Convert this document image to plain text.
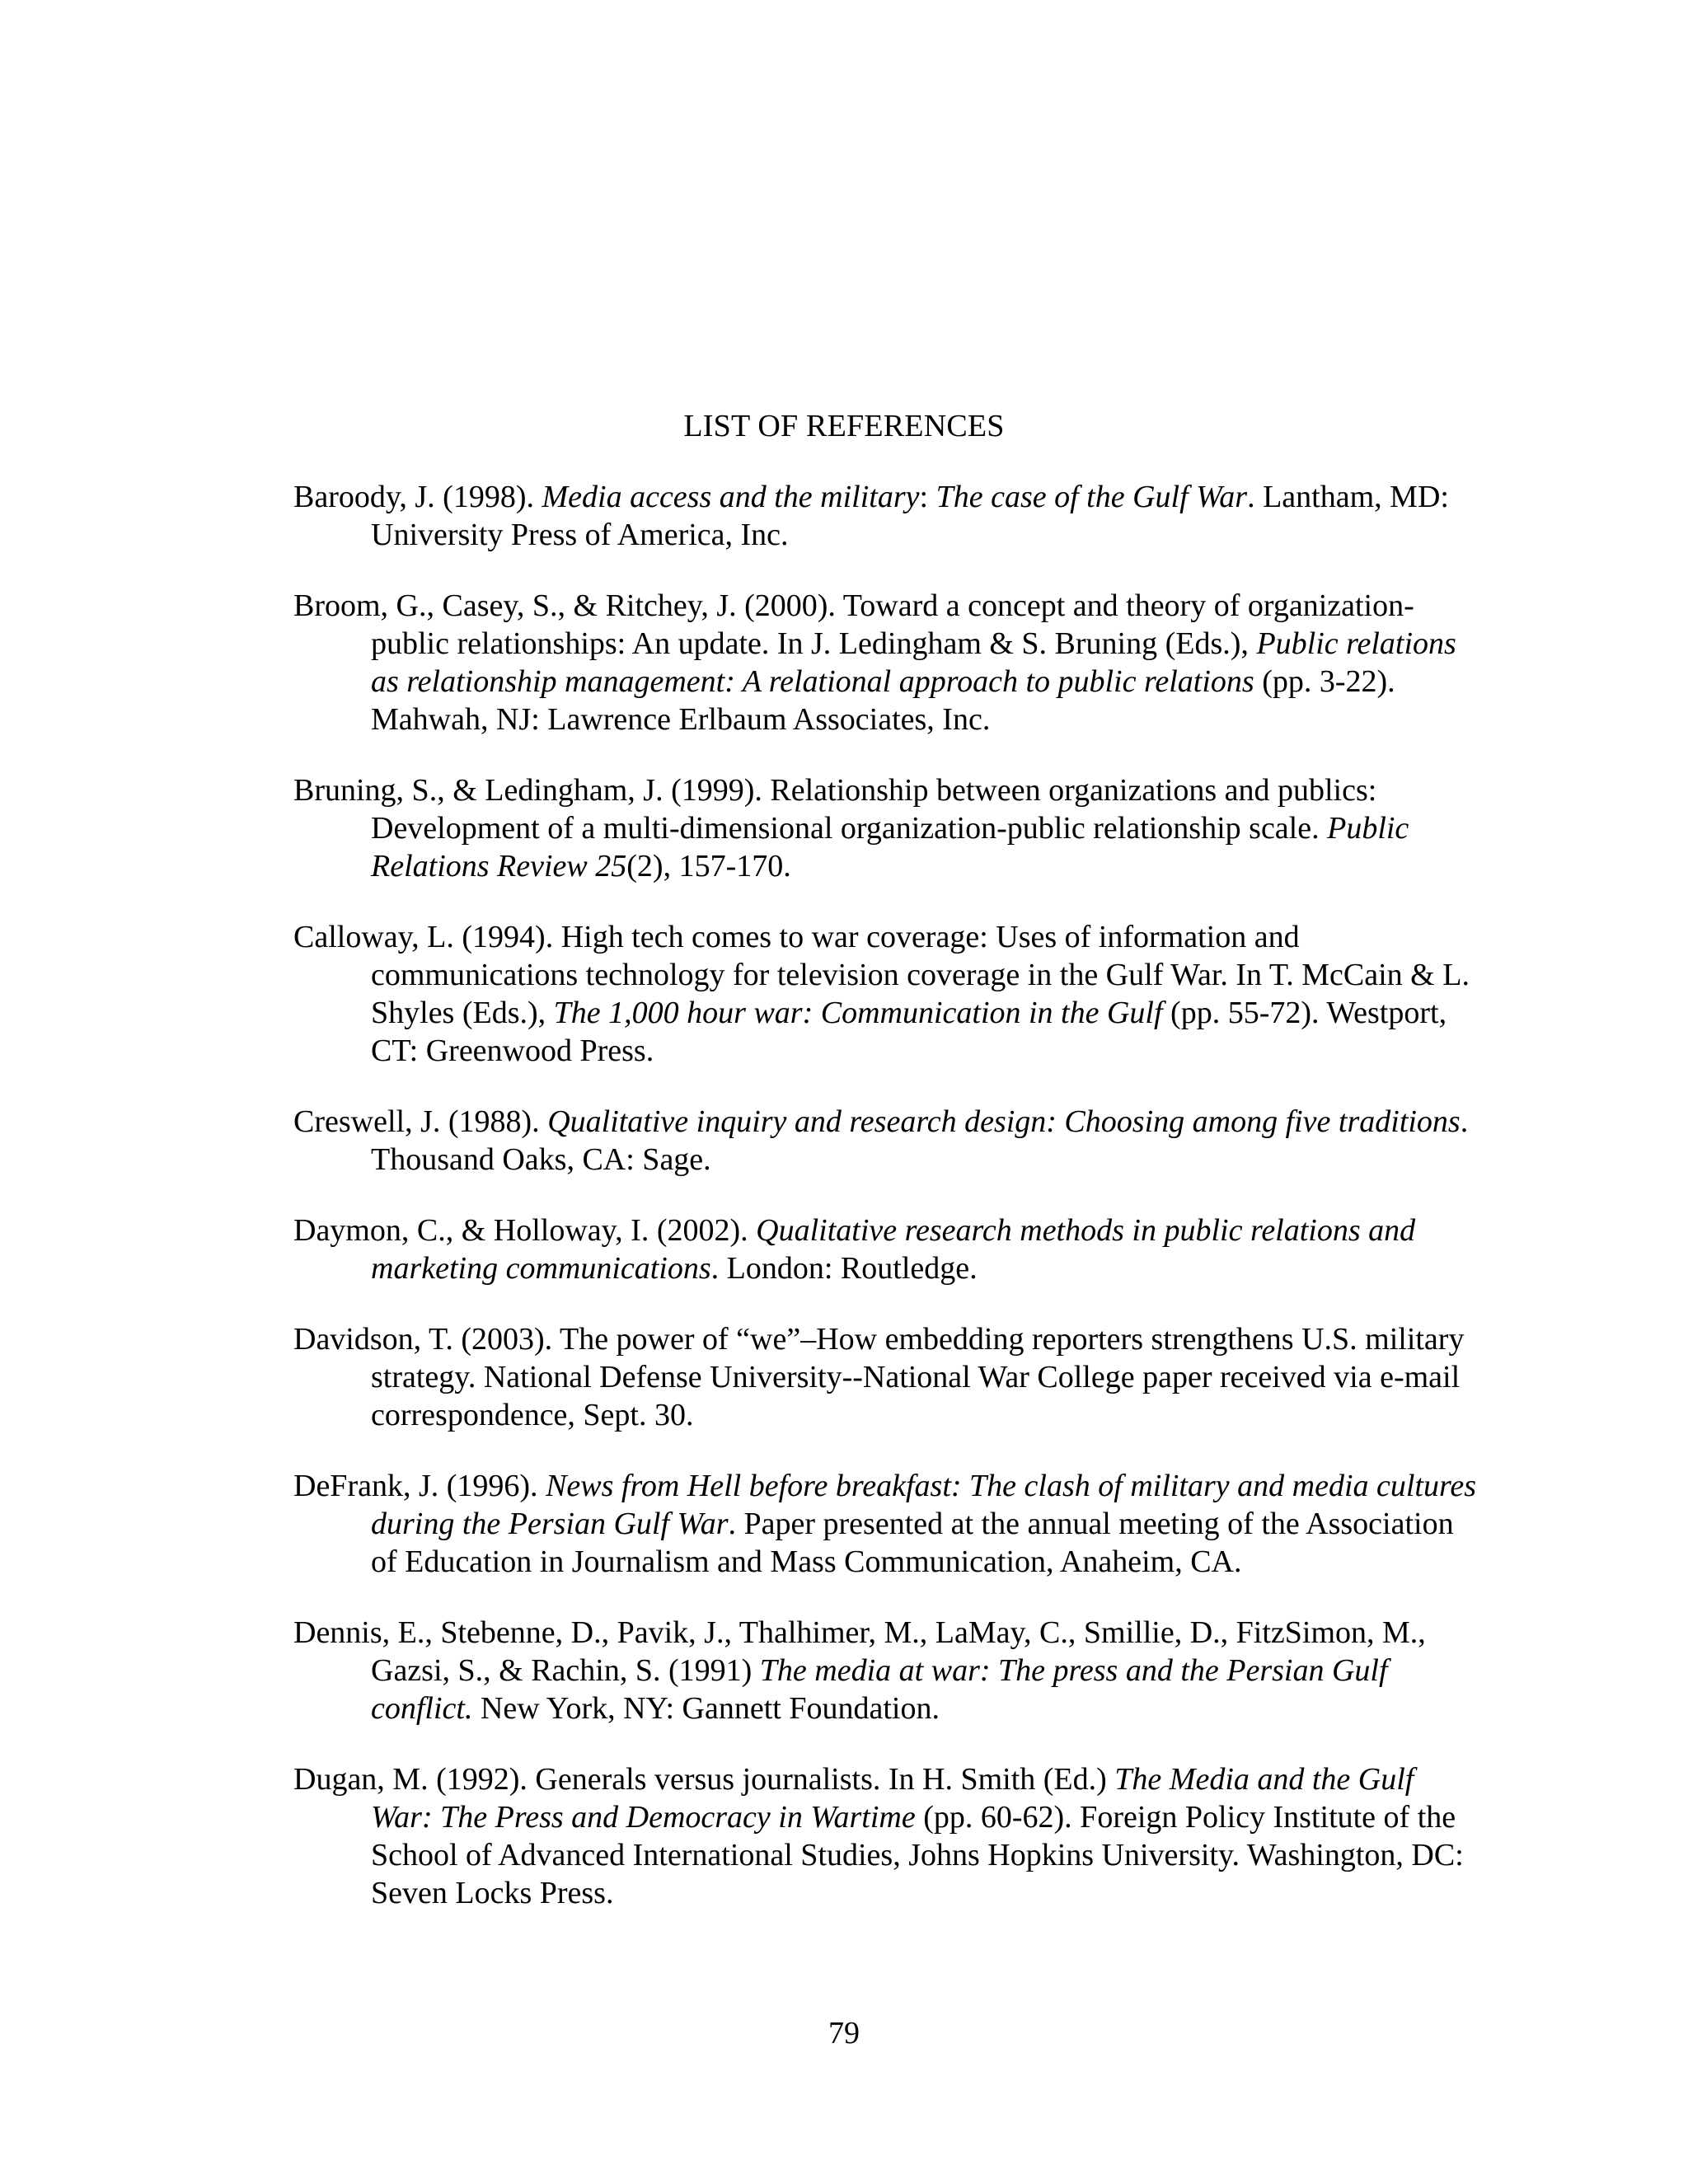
LIST OF REFERENCES

Baroody, J. (1998). Media access and the military: The case of the Gulf War. Lantham, MD: University Press of America, Inc.

Broom, G., Casey, S., & Ritchey, J. (2000). Toward a concept and theory of organization-public relationships: An update. In J. Ledingham & S. Bruning (Eds.), Public relations as relationship management: A relational approach to public relations (pp. 3-22). Mahwah, NJ: Lawrence Erlbaum Associates, Inc.

Bruning, S., & Ledingham, J. (1999). Relationship between organizations and publics: Development of a multi-dimensional organization-public relationship scale. Public Relations Review 25(2), 157-170.

Calloway, L. (1994). High tech comes to war coverage: Uses of information and communications technology for television coverage in the Gulf War. In T. McCain & L. Shyles (Eds.), The 1,000 hour war: Communication in the Gulf (pp. 55-72). Westport, CT: Greenwood Press.

Creswell, J. (1988). Qualitative inquiry and research design: Choosing among five traditions. Thousand Oaks, CA: Sage.

Daymon, C., & Holloway, I. (2002). Qualitative research methods in public relations and marketing communications. London: Routledge.

Davidson, T. (2003). The power of “we”–How embedding reporters strengthens U.S. military strategy. National Defense University--National War College paper received via e-mail correspondence, Sept. 30.

DeFrank, J. (1996). News from Hell before breakfast: The clash of military and media cultures during the Persian Gulf War. Paper presented at the annual meeting of the Association of Education in Journalism and Mass Communication, Anaheim, CA.

Dennis, E., Stebenne, D., Pavik, J., Thalhimer, M., LaMay, C., Smillie, D., FitzSimon, M., Gazsi, S., & Rachin, S. (1991) The media at war: The press and the Persian Gulf conflict. New York, NY: Gannett Foundation.

Dugan, M. (1992). Generals versus journalists. In H. Smith (Ed.) The Media and the Gulf War: The Press and Democracy in Wartime (pp. 60-62). Foreign Policy Institute of the School of Advanced International Studies, Johns Hopkins University. Washington, DC: Seven Locks Press.

79
